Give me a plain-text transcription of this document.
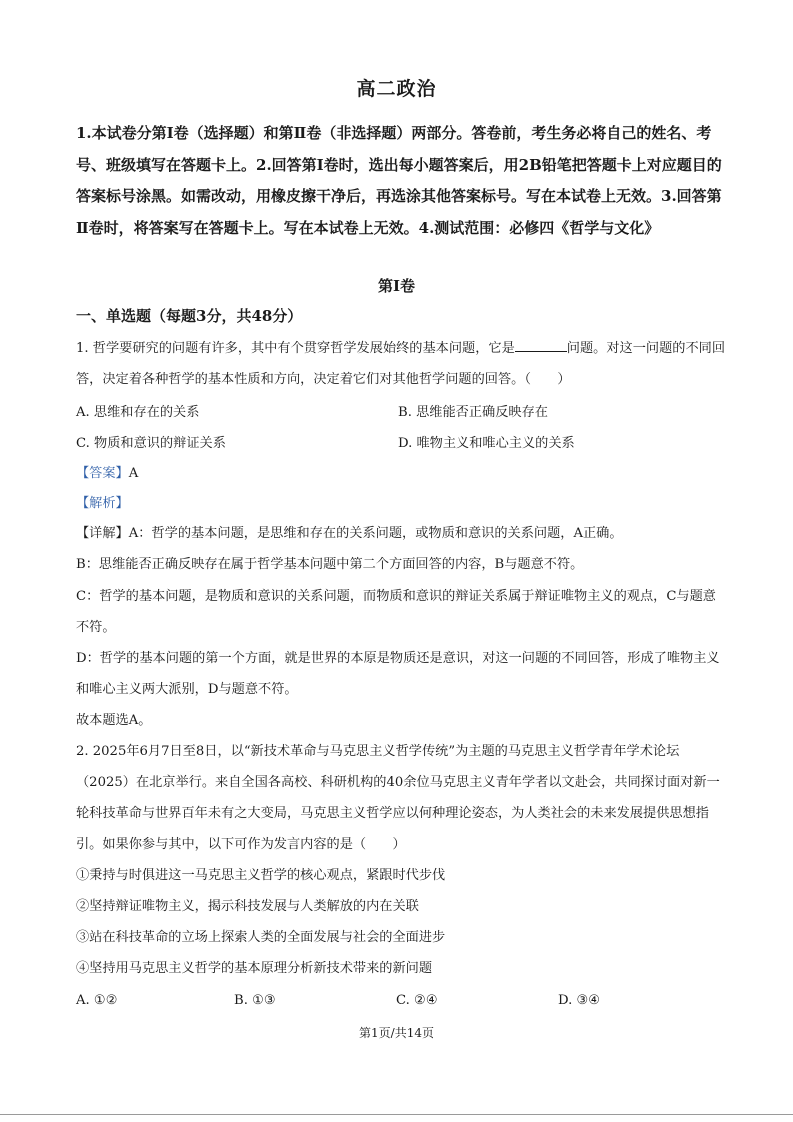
高二政治
1.本试卷分第Ⅰ卷（选择题）和第Ⅱ卷（非选择题）两部分。答卷前，考生务必将自己的姓名、考号、班级填写在答题卡上。2.回答第Ⅰ卷时，选出每小题答案后，用2B铅笔把答题卡上对应题目的答案标号涂黑。如需改动，用橡皮擦干净后，再选涂其他答案标号。写在本试卷上无效。3.回答第Ⅱ卷时，将答案写在答题卡上。写在本试卷上无效。4.测试范围：必修四《哲学与文化》
第Ⅰ卷
一、单选题（每题3分，共48分）
1. 哲学要研究的问题有许多，其中有个贯穿哲学发展始终的基本问题，它是	问题。对这一问题的不同回答，决定着各种哲学的基本性质和方向，决定着它们对其他哲学问题的回答。（　　）
A. 思维和存在的关系	B. 思维能否正确反映存在
C. 物质和意识的辩证关系	D. 唯物主义和唯心主义的关系
【答案】A
【解析】
【详解】A：哲学的基本问题，是思维和存在的关系问题，或物质和意识的关系问题，A正确。
B：思维能否正确反映存在属于哲学基本问题中第二个方面回答的内容，B与题意不符。
C：哲学的基本问题，是物质和意识的关系问题，而物质和意识的辩证关系属于辩证唯物主义的观点，C与题意不符。
D：哲学的基本问题的第一个方面，就是世界的本原是物质还是意识，对这一问题的不同回答，形成了唯物主义和唯心主义两大派别，D与题意不符。
故本题选A。
2. 2025年6月7日至8日，以“新技术革命与马克思主义哲学传统”为主题的马克思主义哲学青年学术论坛（2025）在北京举行。来自全国各高校、科研机构的40余位马克思主义青年学者以文赴会，共同探讨面对新一轮科技革命与世界百年未有之大变局，马克思主义哲学应以何种理论姿态，为人类社会的未来发展提供思想指引。如果你参与其中，以下可作为发言内容的是（　　）
①秉持与时俱进这一马克思主义哲学的核心观点，紧跟时代步伐
②坚持辩证唯物主义，揭示科技发展与人类解放的内在关联
③站在科技革命的立场上探索人类的全面发展与社会的全面进步
④坚持用马克思主义哲学的基本原理分析新技术带来的新问题
A. ①②	B. ①③	C. ②④	D. ③④
第1页/共14页
